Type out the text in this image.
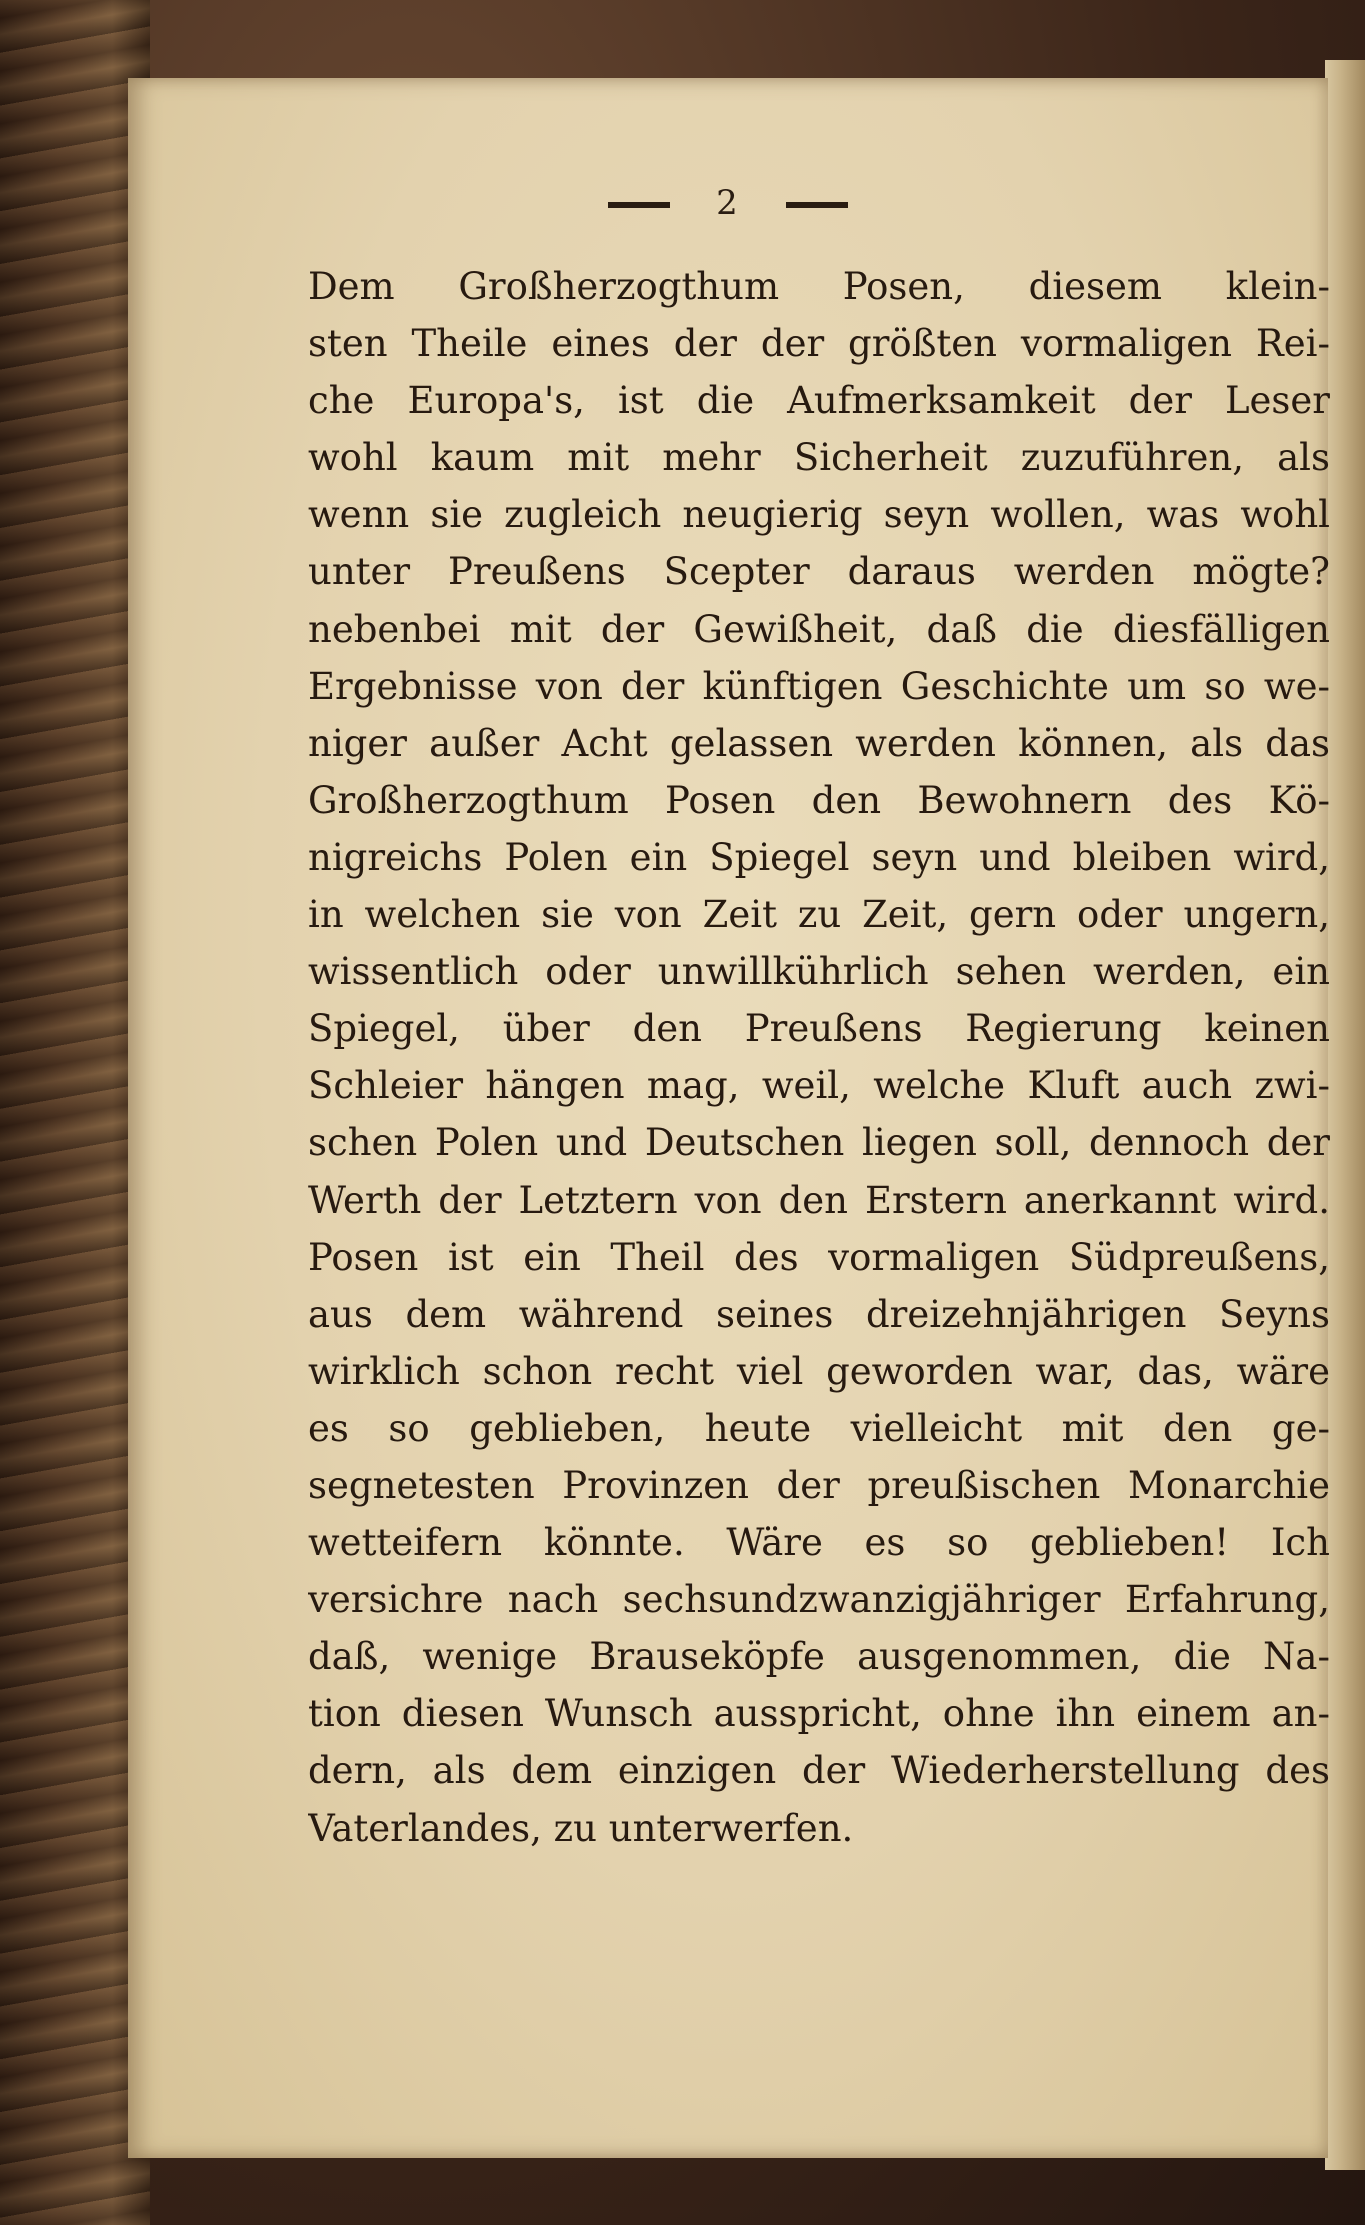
2
Dem Großherzogthum Posen, diesem klein-
sten Theile eines der der größten vormaligen Rei-
che Europa's, ist die Aufmerksamkeit der Leser
wohl kaum mit mehr Sicherheit zuzuführen, als
wenn sie zugleich neugierig seyn wollen, was wohl
unter Preußens Scepter daraus werden mögte?
nebenbei mit der Gewißheit, daß die diesfälligen
Ergebnisse von der künftigen Geschichte um so we-
niger außer Acht gelassen werden können, als das
Großherzogthum Posen den Bewohnern des Kö-
nigreichs Polen ein Spiegel seyn und bleiben wird,
in welchen sie von Zeit zu Zeit, gern oder ungern,
wissentlich oder unwillkührlich sehen werden, ein
Spiegel, über den Preußens Regierung keinen
Schleier hängen mag, weil, welche Kluft auch zwi-
schen Polen und Deutschen liegen soll, dennoch der
Werth der Letztern von den Erstern anerkannt wird.
Posen ist ein Theil des vormaligen Südpreußens,
aus dem während seines dreizehnjährigen Seyns
wirklich schon recht viel geworden war, das, wäre
es so geblieben, heute vielleicht mit den ge-
segnetesten Provinzen der preußischen Monarchie
wetteifern könnte. Wäre es so geblieben! Ich
versichre nach sechsundzwanzigjähriger Erfahrung,
daß, wenige Brauseköpfe ausgenommen, die Na-
tion diesen Wunsch ausspricht, ohne ihn einem an-
dern, als dem einzigen der Wiederherstellung des
Vaterlandes, zu unterwerfen.
